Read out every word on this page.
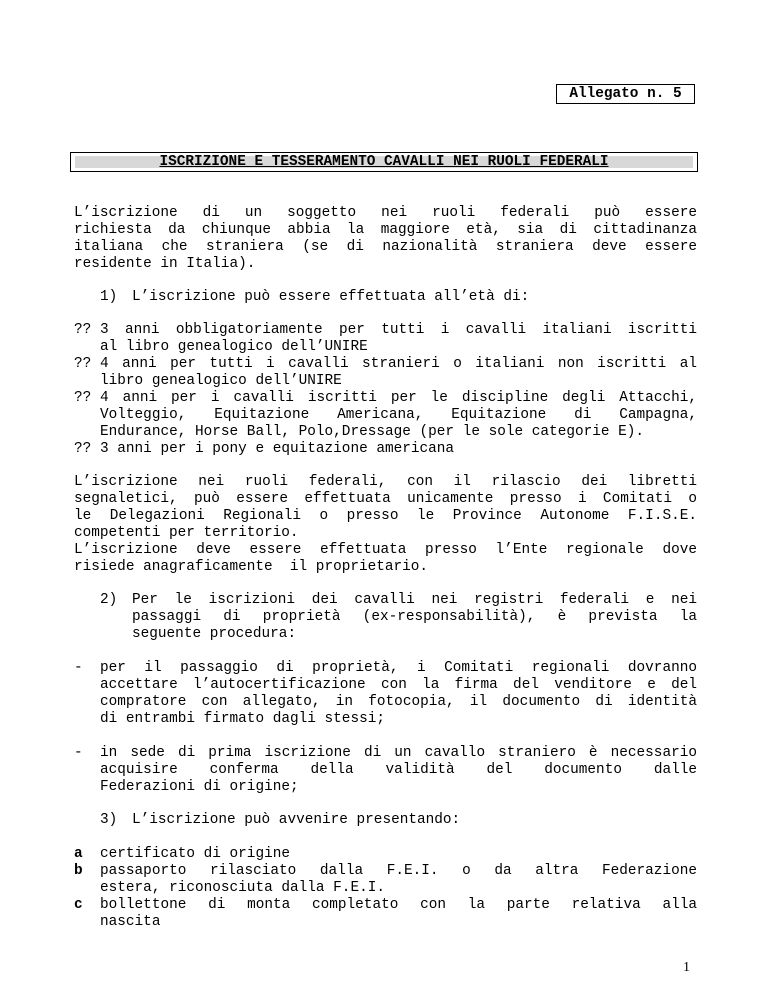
Allegato n. 5
ISCRIZIONE E TESSERAMENTO CAVALLI NEI RUOLI FEDERALI
L’iscrizione di un soggetto nei ruoli federali può essere
richiesta da chiunque abbia la maggiore età, sia di cittadinanza
italiana che straniera (se di nazionalità straniera deve essere
residente in Italia).
1) L’iscrizione può essere effettuata all’età di:
?? 3 anni obbligatoriamente per tutti i cavalli italiani iscritti
al libro genealogico dell’UNIRE
?? 4 anni per tutti i cavalli stranieri o italiani non iscritti al
libro genealogico dell’UNIRE
?? 4 anni per i cavalli iscritti per le discipline degli Attacchi,
Volteggio, Equitazione Americana, Equitazione di Campagna,
Endurance, Horse Ball, Polo,Dressage (per le sole categorie E).
?? 3 anni per i pony e equitazione americana
L’iscrizione nei ruoli federali, con il rilascio dei libretti
segnaletici, può essere effettuata unicamente presso i Comitati o
le Delegazioni Regionali o presso le Province Autonome F.I.S.E.
competenti per territorio.
L’iscrizione deve essere effettuata presso l’Ente regionale dove
risiede anagraficamente  il proprietario.
2) Per le iscrizioni dei cavalli nei registri federali e nei
passaggi di proprietà (ex-responsabilità), è prevista la
seguente procedura:
- per il passaggio di proprietà, i Comitati regionali dovranno
accettare l’autocertificazione con la firma del venditore e del
compratore con allegato, in fotocopia, il documento di identità
di entrambi firmato dagli stessi;
- in sede di prima iscrizione di un cavallo straniero è necessario
acquisire conferma della validità del documento dalle
Federazioni di origine;
3) L’iscrizione può avvenire presentando:
a certificato di origine
b passaporto rilasciato dalla F.E.I. o da altra Federazione
estera, riconosciuta dalla F.E.I.
c bollettone di monta completato con la parte relativa alla
nascita
1
